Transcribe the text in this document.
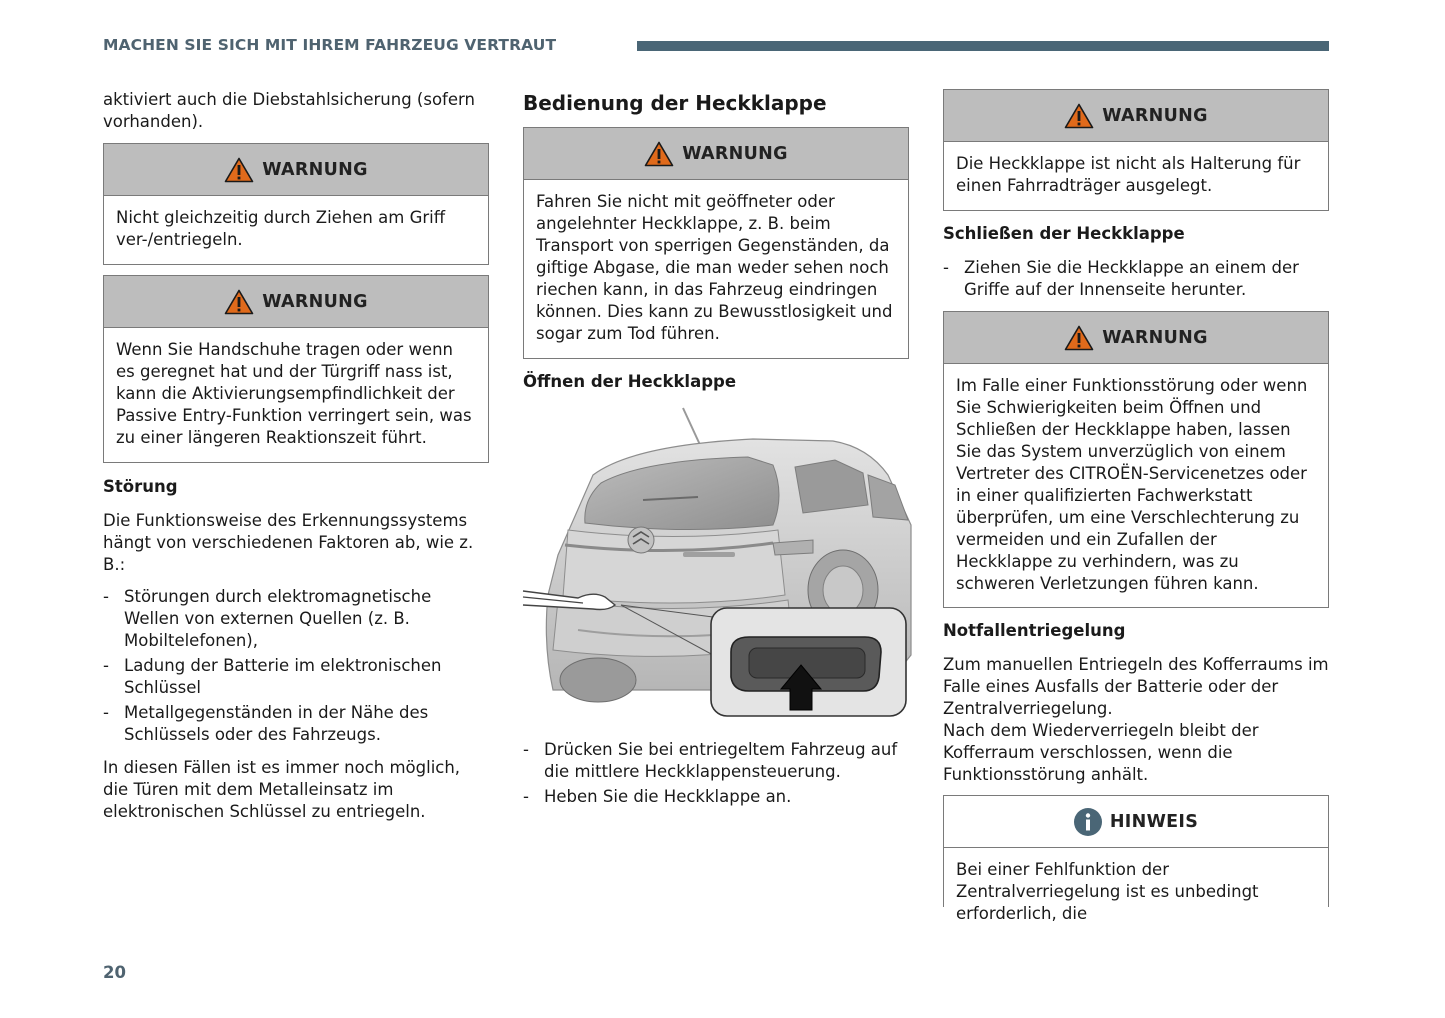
MACHEN SIE SICH MIT IHREM FAHRZEUG VERTRAUT

aktiviert auch die Diebstahlsicherung (sofern vorhanden).

WARNUNG
Nicht gleichzeitig durch Ziehen am Griff ver-/entriegeln.
WARNUNG
Wenn Sie Handschuhe tragen oder wenn es geregnet hat und der Türgriff nass ist, kann die Aktivierungsempfindlichkeit der Passive Entry-Funktion verringert sein, was zu einer längeren Reaktionszeit führt.
Störung

Die Funktionsweise des Erkennungssystems hängt von verschiedenen Faktoren ab, wie z. B.:

- Störungen durch elektromagnetische Wellen von externen Quellen (z. B. Mobiltelefonen),
- Ladung der Batterie im elektronischen Schlüssel
- Metallgegenständen in der Nähe des Schlüssels oder des Fahrzeugs.

In diesen Fällen ist es immer noch möglich, die Türen mit dem Metalleinsatz im elektronischen Schlüssel zu entriegeln.

Bedienung der Heckklappe
WARNUNG
Fahren Sie nicht mit geöffneter oder angelehnter Heckklappe, z. B. beim Transport von sperrigen Gegenständen, da giftige Abgase, die man weder sehen noch riechen kann, in das Fahrzeug eindringen können. Dies kann zu Bewusstlosigkeit und sogar zum Tod führen.
Öffnen der Heckklappe
- Drücken Sie bei entriegeltem Fahrzeug auf die mittlere Heckklappensteuerung.
- Heben Sie die Heckklappe an.
WARNUNG
Die Heckklappe ist nicht als Halterung für einen Fahrradträger ausgelegt.
Schließen der Heckklappe
- Ziehen Sie die Heckklappe an einem der Griffe auf der Innenseite herunter.
WARNUNG
Im Falle einer Funktionsstörung oder wenn Sie Schwierigkeiten beim Öffnen und Schließen der Heckklappe haben, lassen Sie das System unverzüglich von einem Vertreter des CITROËN-Servicenetzes oder in einer qualifizierten Fachwerkstatt überprüfen, um eine Verschlechterung zu vermeiden und ein Zufallen der Heckklappe zu verhindern, was zu schweren Verletzungen führen kann.
Notfallentriegelung

Zum manuellen Entriegeln des Kofferraums im Falle eines Ausfalls der Batterie oder der Zentralverriegelung.
Nach dem Wiederverriegeln bleibt der Kofferraum verschlossen, wenn die Funktionsstörung anhält.

HINWEIS
Bei einer Fehlfunktion der Zentralverriegelung ist es unbedingt erforderlich, die
20
